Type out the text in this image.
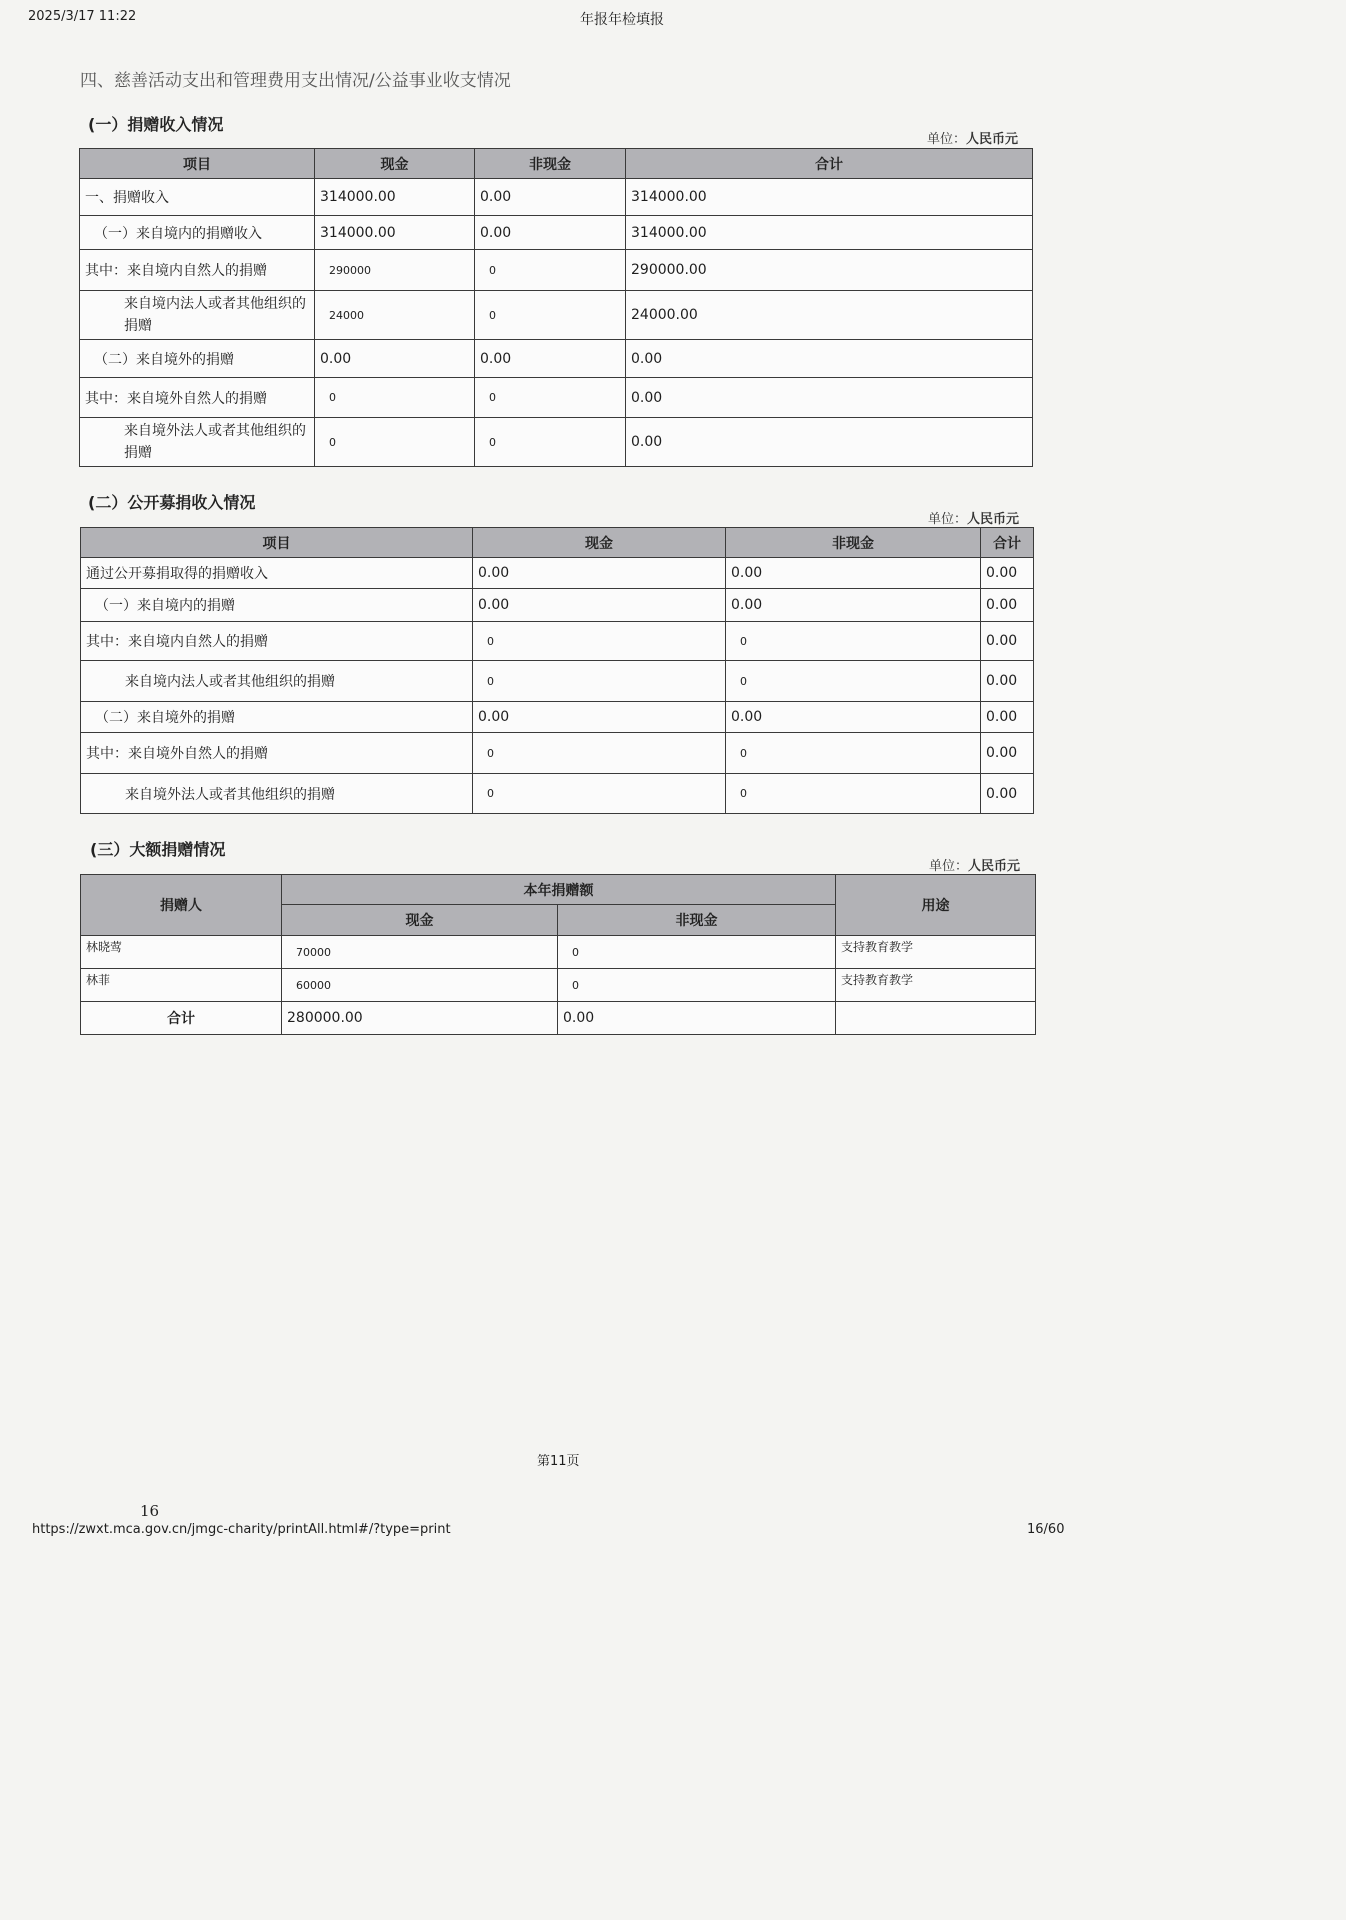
2025/3/17 11:22	年报年检填报
四、慈善活动支出和管理费用支出情况/公益事业收支情况
(一）捐赠收入情况
单位：人民币元
项目	现金	非现金	合计
一、捐赠收入	314000.00	0.00	314000.00
（一）来自境内的捐赠收入	314000.00	0.00	314000.00
其中：来自境内自然人的捐赠	290000	0	290000.00
来自境内法人或者其他组织的捐赠	24000	0	24000.00
（二）来自境外的捐赠	0.00	0.00	0.00
其中：来自境外自然人的捐赠	0	0	0.00
来自境外法人或者其他组织的捐赠	0	0	0.00
(二）公开募捐收入情况
单位：人民币元
项目	现金	非现金	合计
通过公开募捐取得的捐赠收入	0.00	0.00	0.00
（一）来自境内的捐赠	0.00	0.00	0.00
其中：来自境内自然人的捐赠	0	0	0.00
来自境内法人或者其他组织的捐赠	0	0	0.00
（二）来自境外的捐赠	0.00	0.00	0.00
其中：来自境外自然人的捐赠	0	0	0.00
来自境外法人或者其他组织的捐赠	0	0	0.00
(三）大额捐赠情况
单位：人民币元
捐赠人	本年捐赠额		用途
	现金	非现金	
林晓莺	70000	0	支持教育教学
林菲	60000	0	支持教育教学
合计	280000.00	0.00	
第11页
16
https://zwxt.mca.gov.cn/jmgc-charity/printAll.html#/?type=print	16/60
